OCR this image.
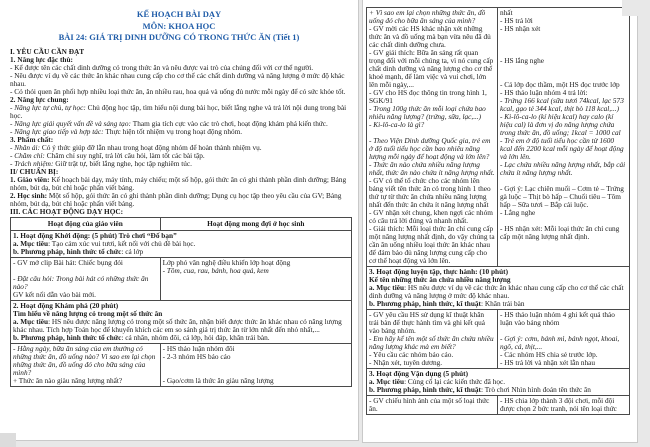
KẾ HOẠCH BÀI DẠY
MÔN: KHOA HỌC
BÀI 24: GIÁ TRỊ DINH DƯỠNG CÓ TRONG THỨC ĂN (Tiết 1)
I. YÊU CẦU CẦN ĐẠT
1. Năng lực đặc thù:
- Kể được tên các chất dinh dưỡng có trong thức ăn và nêu được vai trò của chúng đối với cơ thể người.
- Nêu được ví dụ về các thức ăn khác nhau cung cấp cho cơ thể các chất dinh dưỡng và năng lượng ở mức độ khác nhau.
- Có thói quen ăn phối hợp nhiều loại thức ăn, ăn nhiều rau, hoa quả và uống đủ nước mỗi ngày để có sức khỏe tốt.
2. Năng lực chung:
- Năng lực tự chủ, tự học: Chủ động học tập, tìm hiểu nội dung bài học, biết lắng nghe và trả lời nội dung trong bài học.
- Năng lực giải quyết vấn đề và sáng tạo: Tham gia tích cực vào các trò chơi, hoạt động khám phá kiến thức.
- Năng lực giao tiếp và hợp tác: Thực hiện tốt nhiệm vụ trong hoạt động nhóm.
3. Phẩm chất:
- Nhân ái: Có ý thức giúp đỡ lẫn nhau trong hoạt động nhóm để hoàn thành nhiệm vụ.
- Chăm chỉ: Chăm chỉ suy nghĩ, trả lời câu hỏi, làm tốt các bài tập.
- Trách nhiệm: Giữ trật tự, biết lắng nghe, học tập nghiêm túc.
II/ CHUẨN BỊ:
1. Giáo viên: Kế hoạch bài dạy, máy tính, máy chiếu; một số hộp, gói thức ăn có ghi thành phần dinh dưỡng; Bảng nhóm, bút dạ, bút chì hoặc phấn viết bảng.
2. Học sinh: Một số hộp, gói thức ăn có ghi thành phần dinh dưỡng; Dụng cụ học tập theo yêu cầu của GV; Bảng nhóm, bút dạ, bút chì hoặc phấn viết bảng.
III. CÁC HOẠT ĐỘNG DẠY HỌC:
Hoạt động của giáo viên	Hoạt động mong đợi ở học sinh
1. Hoạt động Khởi động: (5 phút) Trò chơi “Đố bạn”
a. Mục tiêu: Tạo cảm xúc vui tươi, kết nối với chủ đề bài học.
b. Phương pháp, hình thức tổ chức: cả lớp
- GV mở clip Bài hát: Chiếc bụng đói

- Đặt câu hỏi: Trong bài hát có những thức ăn nào?
GV kết nối dẫn vào bài mới.
Lớp phó văn nghệ điều khiển lớp hoạt động
- Tôm, cua, rau, bánh, hoa quả, kem
2. Hoạt động Khám phá (20 phút)
Tìm hiểu về năng lượng có trong một số thức ăn
a. Mục tiêu: HS nêu được năng lượng có trong một số thức ăn, nhận biết được thức ăn khác nhau có năng lượng khác nhau. Tích hợp Toán học để khuyến khích các em so sánh giá trị thức ăn từ lớn nhất đến nhỏ nhất,...
b. Phương pháp, hình thức tổ chức: cá nhân, nhóm đôi, cả lớp, hỏi đáp, khăn trải bàn.
- Hằng ngày, bữa ăn sáng của em thường có những thức ăn, đồ uống nào? Vì sao em lại chọn những thức ăn, đồ uống đó cho bữa sáng của mình?
+ Thức ăn nào giàu năng lượng nhất?
- HS thảo luận nhóm đôi
- 2-3 nhóm HS báo cáo

- Gạo/cơm là thức ăn giàu năng lượng
+ Vì sao em lại chọn những thức ăn, đồ uống đó cho bữa ăn sáng của mình?
- GV mời các HS khác nhận xét những thức ăn và đồ uống mà bạn vừa nêu đã đủ các chất dinh dưỡng chưa.
- GV giải thích: Bữa ăn sáng rất quan trọng đối với mỗi chúng ta, vì nó cung cấp chất dinh dưỡng và năng lượng cho cơ thể khoẻ mạnh, để làm việc và vui chơi, lớn lên mỗi ngày,...
- GV cho HS đọc thông tin trong hình 1, SGK/91
- Trong 100g thức ăn mỗi loại chứa bao nhiêu năng lượng? (trứng, sữa, lạc,...)
- Ki-lô-ca-lo là gì?

- Theo Viện Dinh dưỡng Quốc gia, trẻ em ở độ tuổi tiểu học cần bao nhiêu năng lượng mỗi ngày để hoạt động và lớn lên?
- Thức ăn nào chứa nhiều năng lượng nhất, thức ăn nào chứa ít năng lượng nhất.
- GV có thể tổ chức cho các nhóm lên bảng viết tên thức ăn có trong hình 1 theo thứ tự từ thức ăn chứa nhiều năng lượng nhất đến thức ăn chứa ít năng lượng nhất
- GV nhận xét chung, khen ngợi các nhóm có câu trả lời đúng và nhanh nhất.
- Giải thích: Mỗi loại thức ăn chỉ cung cấp một năng lượng nhất định, do vậy chúng ta cần ăn uống nhiều loại thức ăn khác nhau để đảm bảo đủ năng lượng cung cấp cho cơ thể hoạt động và lớn lên.
nhất
- HS trả lời
- HS nhận xét

- HS lắng nghe

- Cả lớp đọc thầm, một HS đọc trước lớp
- HS thảo luận nhóm 4 trả lời:
- Trứng 166 kcal (sữa tươi 74kcal, lạc 573 kcal, gạo tẻ 344 kcal, thịt bò 118 kcal,...)
- Ki-lô-ca-lo (kí hiệu kcal) hay calo (kí hiệu cal) là đơn vị đo năng lượng chứa trong thức ăn, đồ uống; 1kcal = 1000 cal
- Trẻ em ở độ tuổi tiểu học cần từ 1600 kcal đến 2200 kcal mỗi ngày để hoạt động và lớn lên.
- Lạc chứa nhiều năng lượng nhất, bắp cải chứa ít năng lượng nhất.

- Gợi ý: Lạc chiên muối – Cơm tẻ – Trứng gà luộc – Thịt bò hấp – Chuối tiêu – Tôm hấp – Sữa tươi – Bắp cải luộc.
- Lắng nghe

- HS nhận xét: Mỗi loại thức ăn chỉ cung cấp một năng lượng nhất định.
3. Hoạt động luyện tập, thực hành: (10 phút)
Kể tên những thức ăn chứa nhiều năng lượng
a. Mục tiêu: HS nêu được ví dụ về các thức ăn khác nhau cung cấp cho cơ thể các chất dinh dưỡng và năng lượng ở mức độ khác nhau.
b. Phương pháp, hình thức, kĩ thuật: Khăn trải bàn
- GV yêu cầu HS sử dụng kĩ thuật khăn trải bàn để thực hành tìm và ghi kết quả vào bảng nhóm.
- Em hãy kể tên một số thức ăn chứa nhiều năng lượng khác mà em biết?
- Yêu cầu các nhóm báo cáo.
- Nhận xét, tuyên dương.
- HS thảo luận nhóm 4 ghi kết quả thảo luận vào bảng nhóm

- Gợi ý: cơm, bánh mì, bánh ngọt, khoai, ngô, cá, thịt,...
- Các nhóm HS chia sẻ trước lớp.
- HS trả lời và nhận xét lẫn nhau
3. Hoạt động Vận dụng (5 phút)
a. Mục tiêu: Củng cố lại các kiến thức đã học.
b. Phương pháp, hình thức, kĩ thuật: Trò chơi Nhìn hình đoán tên thức ăn
- GV chiếu hình ảnh của một số loại thức ăn.
- HS chia lớp thành 3 đội chơi, mỗi đội được chọn 2 bức tranh, nói tên loại thức
